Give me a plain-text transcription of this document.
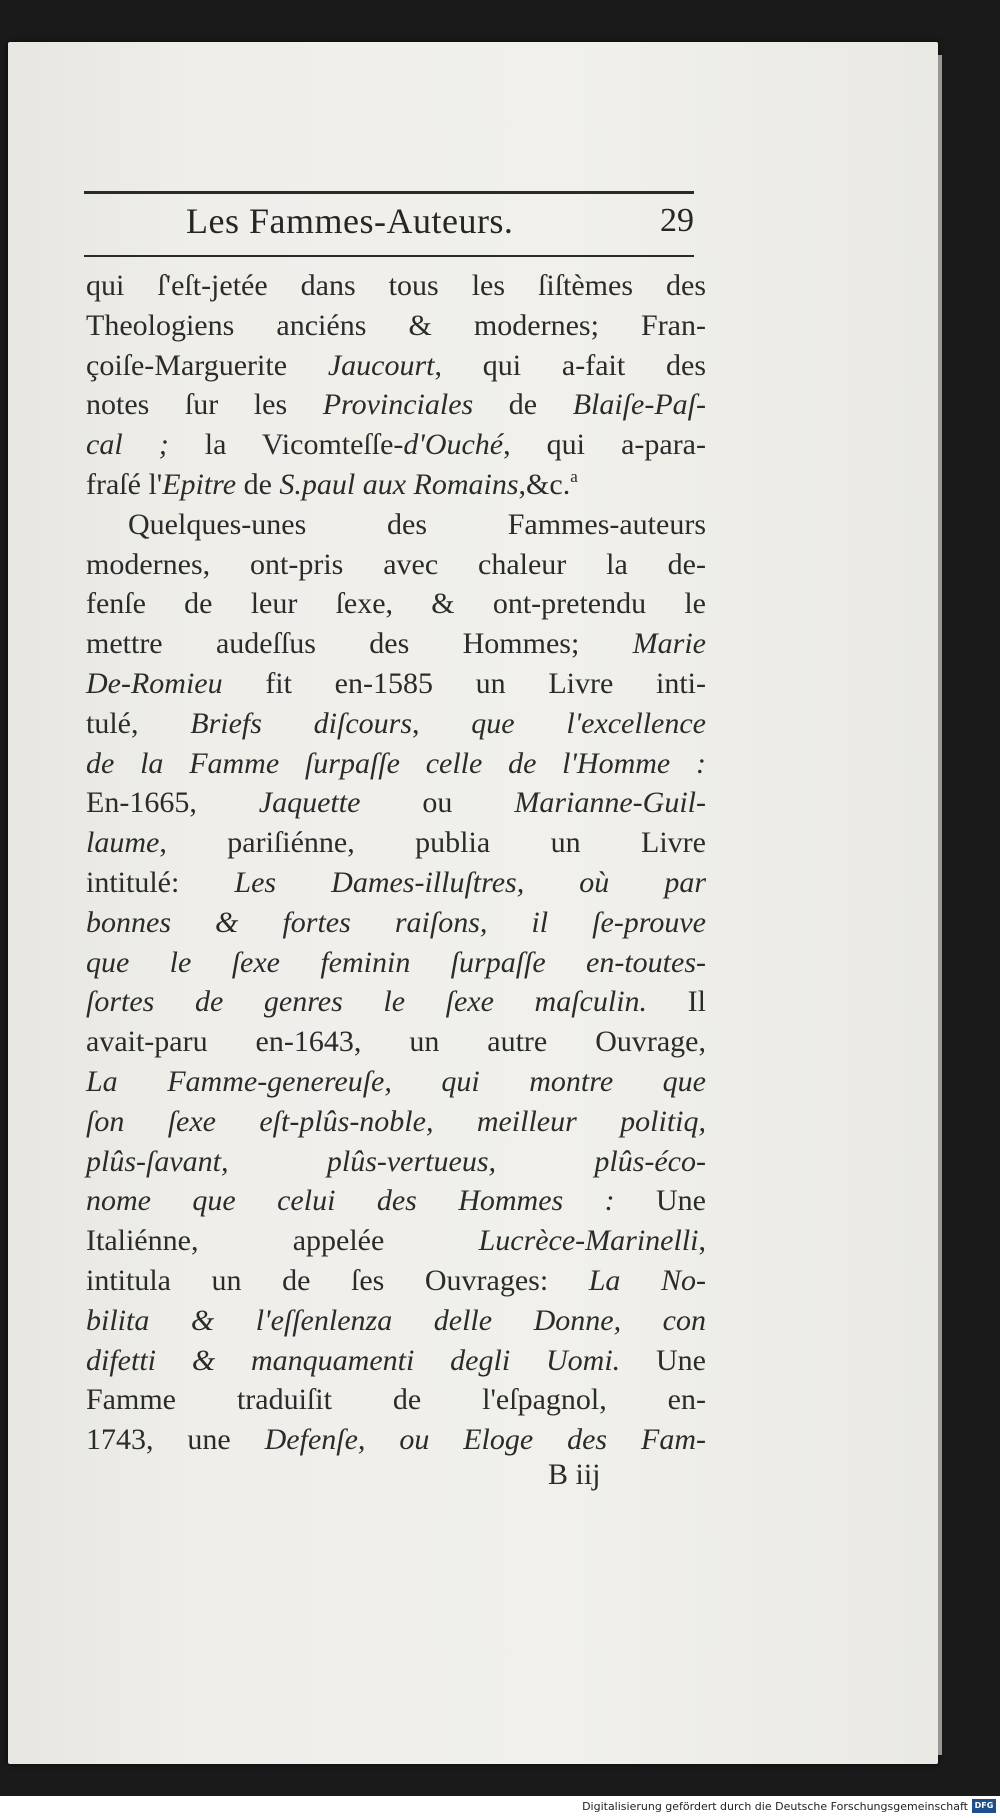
Les Fammes-Auteurs.	29
qui ſ'eſt-jetée dans tous les ſiſtèmes des
Theologiens anciéns & modernes; Fran-
çoiſe-Marguerite Jaucourt, qui a-fait des
notes ſur les Provinciales de Blaiſe-Paſ-
cal ; la Vicomteſſe-d'Ouché, qui a-para-
fraſé l'Epitre de S.paul aux Romains,&c.$^a$
Quelques-unes des Fammes-auteurs
modernes, ont-pris avec chaleur la de-
fenſe de leur ſexe, & ont-pretendu le
mettre audeſſus des Hommes; Marie
De-Romieu fit en-1585 un Livre inti-
tulé, Briefs diſcours, que l'excellence
de la Famme ſurpaſſe celle de l'Homme :
En-1665, Jaquette ou Marianne-Guil-
laume, pariſiénne, publia un Livre
intitulé: Les Dames-illuſtres, où par
bonnes & fortes raiſons, il ſe-prouve
que le ſexe feminin ſurpaſſe en-toutes-
ſortes de genres le ſexe maſculin. Il
avait-paru en-1643, un autre Ouvrage,
La Famme-genereuſe, qui montre que
ſon ſexe eſt-plûs-noble, meilleur politiq,
plûs-ſavant, plûs-vertueus, plûs-éco-
nome que celui des Hommes : Une
Italiénne, appelée Lucrèce-Marinelli,
intitula un de ſes Ouvrages: La No-
bilita & l'eſſenlenza delle Donne, con
difetti & manquamenti degli Uomi. Une
Famme traduiſit de l'eſpagnol, en-
1743, une Defenſe, ou Eloge des Fam-
B iij
Digitalisierung gefördert durch die Deutsche Forschungsgemeinschaft DFG
